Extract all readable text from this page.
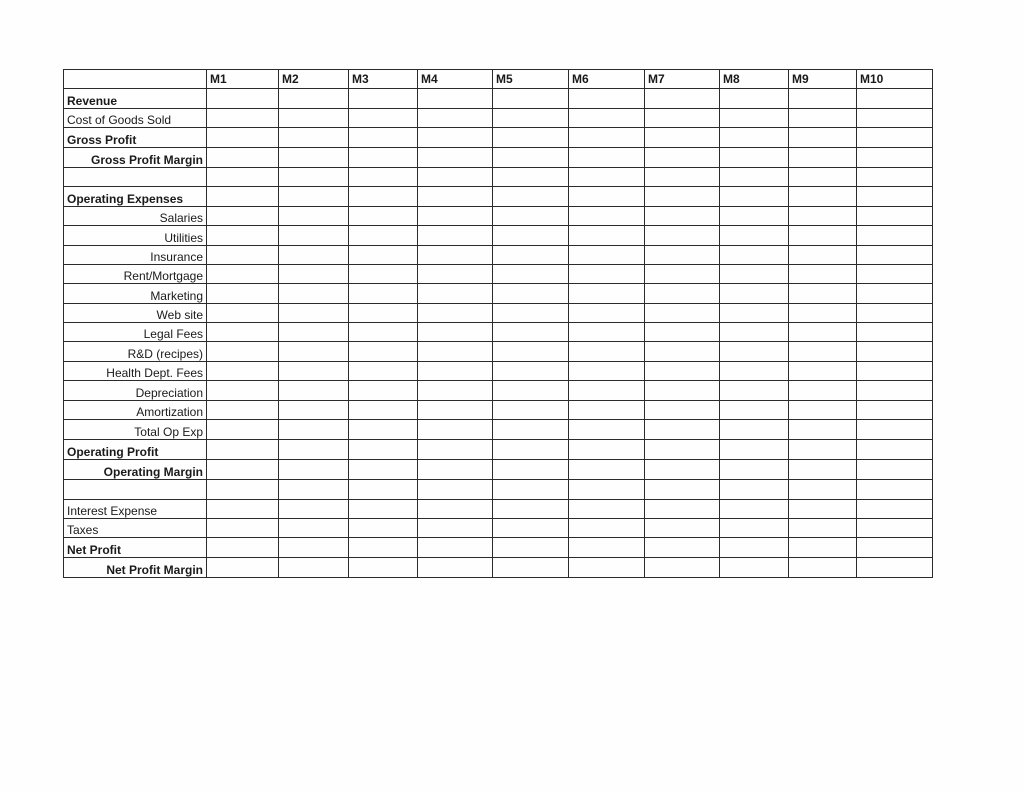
	M1	M2	M3	M4	M5	M6	M7	M8	M9	M10
Revenue										
Cost of Goods Sold										
Gross Profit										
Gross Profit Margin										

Operating Expenses										
Salaries										
Utilities										
Insurance										
Rent/Mortgage										
Marketing										
Web site										
Legal Fees										
R&D (recipes)										
Health Dept. Fees										
Depreciation										
Amortization										
Total Op Exp										
Operating Profit										
Operating Margin										

Interest Expense										
Taxes										
Net Profit										
Net Profit Margin										
